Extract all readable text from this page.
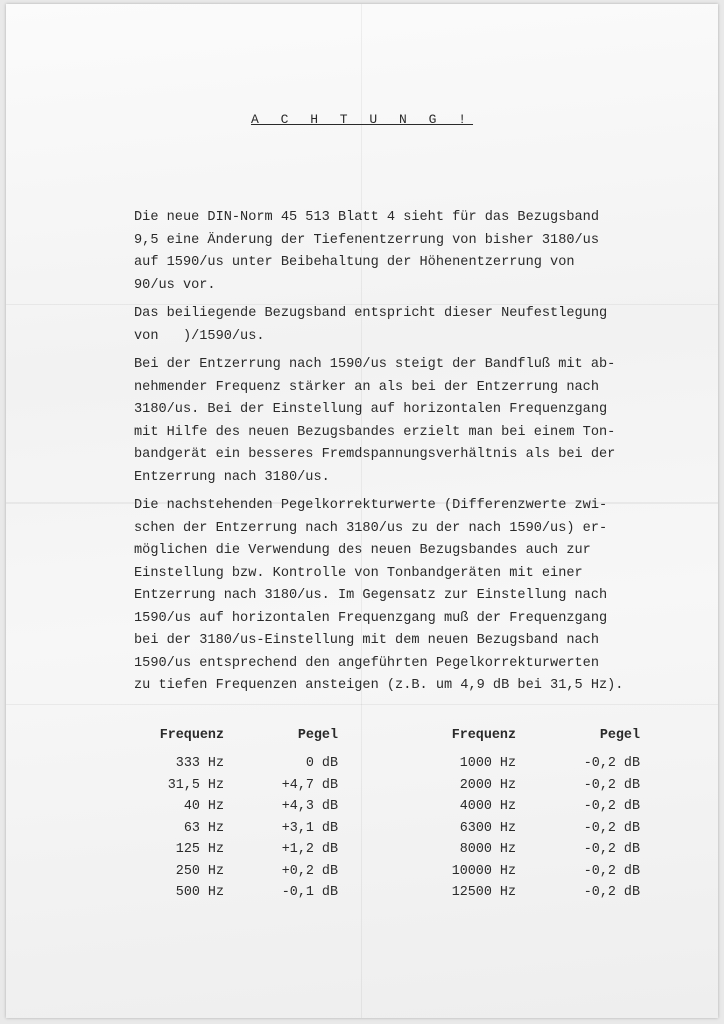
A C H T U N G !

Die neue DIN-Norm 45 513 Blatt 4 sieht für das Bezugsband
9,5 eine Änderung der Tiefenentzerrung von bisher 3180/us
auf 1590/us unter Beibehaltung der Höhenentzerrung von
90/us vor.

Das beiliegende Bezugsband entspricht dieser Neufestlegung
von   )/1590/us.

Bei der Entzerrung nach 1590/us steigt der Bandfluß mit ab-
nehmender Frequenz stärker an als bei der Entzerrung nach
3180/us. Bei der Einstellung auf horizontalen Frequenzgang
mit Hilfe des neuen Bezugsbandes erzielt man bei einem Ton-
bandgerät ein besseres Fremdspannungsverhältnis als bei der
Entzerrung nach 3180/us.

Die nachstehenden Pegelkorrekturwerte (Differenzwerte zwi-
schen der Entzerrung nach 3180/us zu der nach 1590/us) er-
möglichen die Verwendung des neuen Bezugsbandes auch zur
Einstellung bzw. Kontrolle von Tonbandgeräten mit einer
Entzerrung nach 3180/us. Im Gegensatz zur Einstellung nach
1590/us auf horizontalen Frequenzgang muß der Frequenzgang
bei der 3180/us-Einstellung mit dem neuen Bezugsband nach
1590/us entsprechend den angeführten Pegelkorrekturwerten
zu tiefen Frequenzen ansteigen (z.B. um 4,9 dB bei 31,5 Hz).

Frequenz	Pegel	Frequenz	Pegel
333 Hz	0 dB	1000 Hz	-0,2 dB
31,5 Hz	+4,7 dB	2000 Hz	-0,2 dB
40 Hz	+4,3 dB	4000 Hz	-0,2 dB
63 Hz	+3,1 dB	6300 Hz	-0,2 dB
125 Hz	+1,2 dB	8000 Hz	-0,2 dB
250 Hz	+0,2 dB	10000 Hz	-0,2 dB
500 Hz	-0,1 dB	12500 Hz	-0,2 dB
